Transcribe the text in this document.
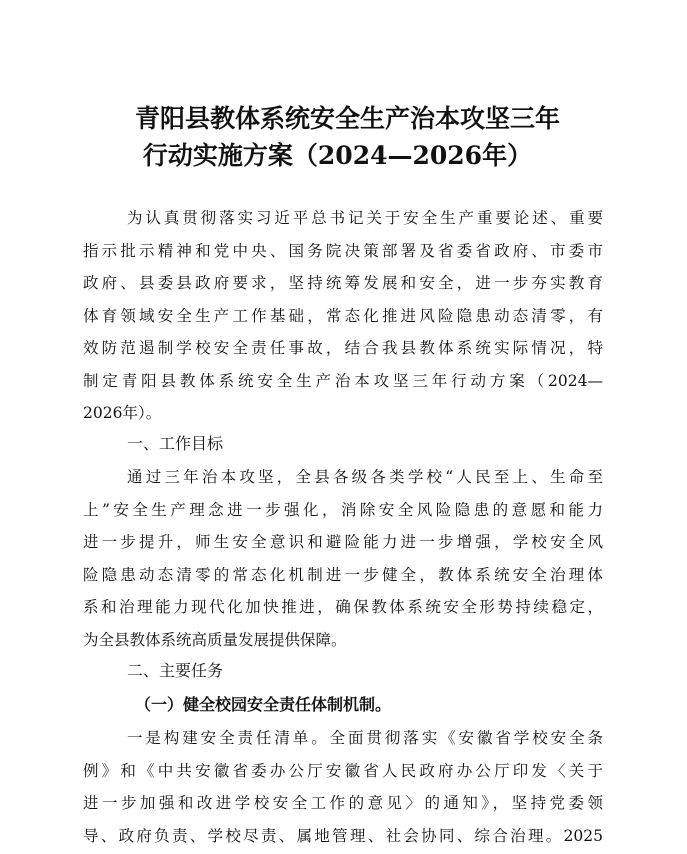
青阳县教体系统安全生产治本攻坚三年
行动实施方案（2024—2026年）
为认真贯彻落实习近平总书记关于安全生产重要论述、重要
指示批示精神和党中央、国务院决策部署及省委省政府、市委市
政府、县委县政府要求，坚持统筹发展和安全，进一步夯实教育
体育领域安全生产工作基础，常态化推进风险隐患动态清零，有
效防范遏制学校安全责任事故，结合我县教体系统实际情况，特
制定青阳县教体系统安全生产治本攻坚三年行动方案（2024—
2026年）。
一、工作目标
通过三年治本攻坚，全县各级各类学校“人民至上、生命至
上”安全生产理念进一步强化，消除安全风险隐患的意愿和能力
进一步提升，师生安全意识和避险能力进一步增强，学校安全风
险隐患动态清零的常态化机制进一步健全，教体系统安全治理体
系和治理能力现代化加快推进，确保教体系统安全形势持续稳定，
为全县教体系统高质量发展提供保障。
二、主要任务
（一）健全校园安全责任体制机制。
一是构建安全责任清单。全面贯彻落实《安徽省学校安全条
例》和《中共安徽省委办公厅安徽省人民政府办公厅印发〈关于
进一步加强和改进学校安全工作的意见〉的通知》，坚持党委领
导、政府负责、学校尽责、属地管理、社会协同、综合治理。2025
